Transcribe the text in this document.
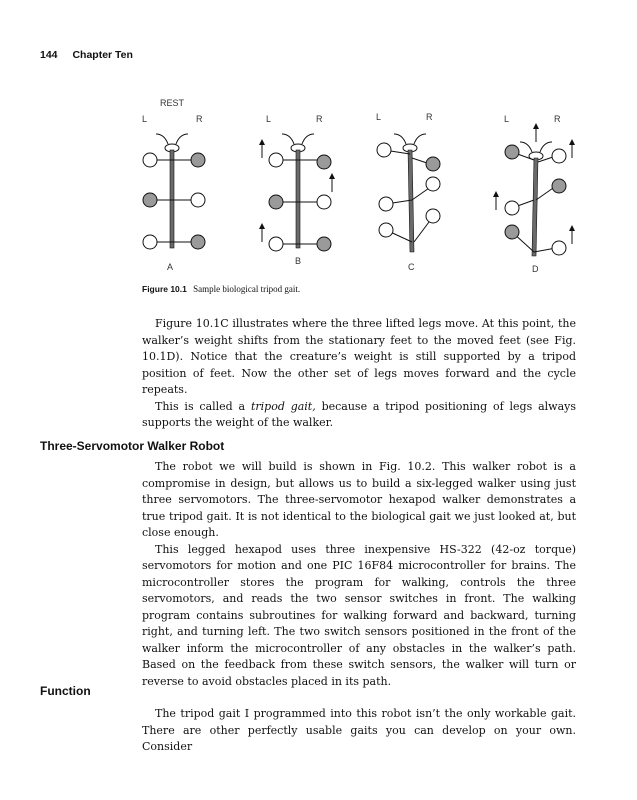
144 Chapter Ten
REST
L	R
A
L	R
B
L	R
C
L	R
D
Figure 10.1 Sample biological tripod gait.

Figure 10.1C illustrates where the three lifted legs move. At this point, the walker’s weight shifts from the stationary feet to the moved feet (see Fig. 10.1D). Notice that the creature’s weight is still supported by a tripod position of feet. Now the other set of legs moves forward and the cycle repeats.

This is called a tripod gait, because a tripod positioning of legs always supports the weight of the walker.

Three-Servomotor Walker Robot

The robot we will build is shown in Fig. 10.2. This walker robot is a compromise in design, but allows us to build a six-legged walker using just three servomotors. The three-servomotor hexapod walker demonstrates a true tripod gait. It is not identical to the biological gait we just looked at, but close enough.

This legged hexapod uses three inexpensive HS-322 (42-oz torque) servomotors for motion and one PIC 16F84 microcontroller for brains. The microcontroller stores the program for walking, controls the three servomotors, and reads the two sensor switches in front. The walking program contains subroutines for walking forward and backward, turning right, and turning left. The two switch sensors positioned in the front of the walker inform the microcontroller of any obstacles in the walker’s path. Based on the feedback from these switch sensors, the walker will turn or reverse to avoid obstacles placed in its path.

Function

The tripod gait I programmed into this robot isn’t the only workable gait. There are other perfectly usable gaits you can develop on your own. Consider
